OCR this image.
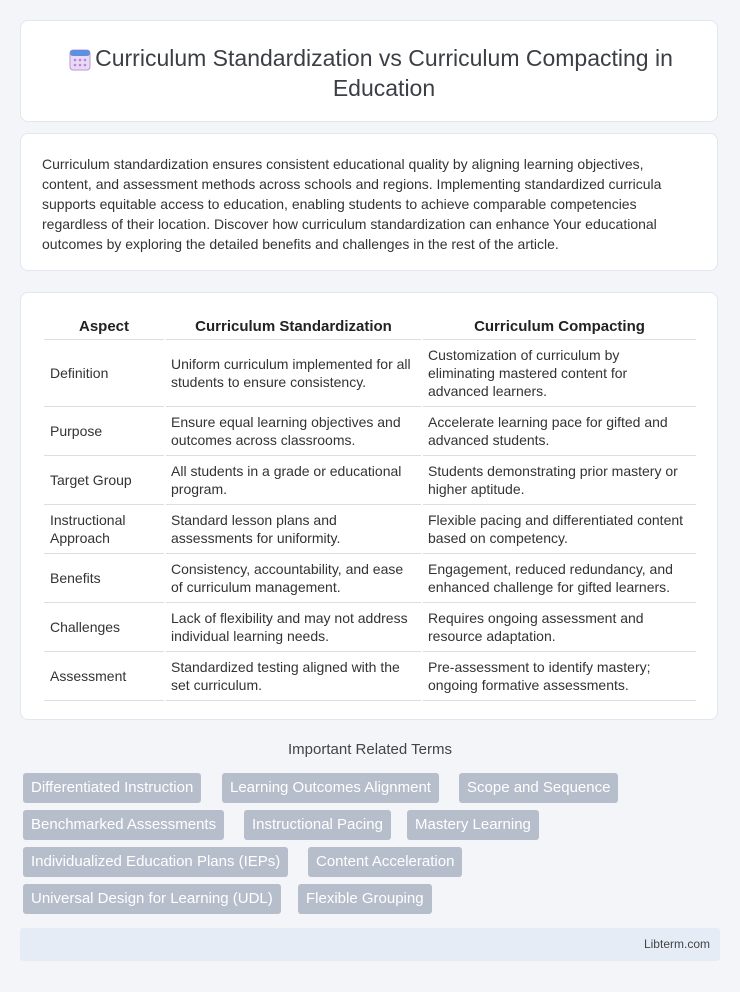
Curriculum Standardization vs Curriculum Compacting in Education

Curriculum standardization ensures consistent educational quality by aligning learning objectives, content, and assessment methods across schools and regions. Implementing standardized curricula supports equitable access to education, enabling students to achieve comparable competencies regardless of their location. Discover how curriculum standardization can enhance Your educational outcomes by exploring the detailed benefits and challenges in the rest of the article.

Aspect	Curriculum Standardization	Curriculum Compacting
Definition	Uniform curriculum implemented for all students to ensure consistency.	Customization of curriculum by eliminating mastered content for advanced learners.
Purpose	Ensure equal learning objectives and outcomes across classrooms.	Accelerate learning pace for gifted and advanced students.
Target Group	All students in a grade or educational program.	Students demonstrating prior mastery or higher aptitude.
Instructional Approach	Standard lesson plans and assessments for uniformity.	Flexible pacing and differentiated content based on competency.
Benefits	Consistency, accountability, and ease of curriculum management.	Engagement, reduced redundancy, and enhanced challenge for gifted learners.
Challenges	Lack of flexibility and may not address individual learning needs.	Requires ongoing assessment and resource adaptation.
Assessment	Standardized testing aligned with the set curriculum.	Pre-assessment to identify mastery; ongoing formative assessments.
Important Related Terms
Differentiated Instruction	Learning Outcomes Alignment	Scope and Sequence
Benchmarked Assessments	Instructional Pacing	Mastery Learning
Individualized Education Plans (IEPs)	Content Acceleration
Universal Design for Learning (UDL)	Flexible Grouping
Libterm.com
